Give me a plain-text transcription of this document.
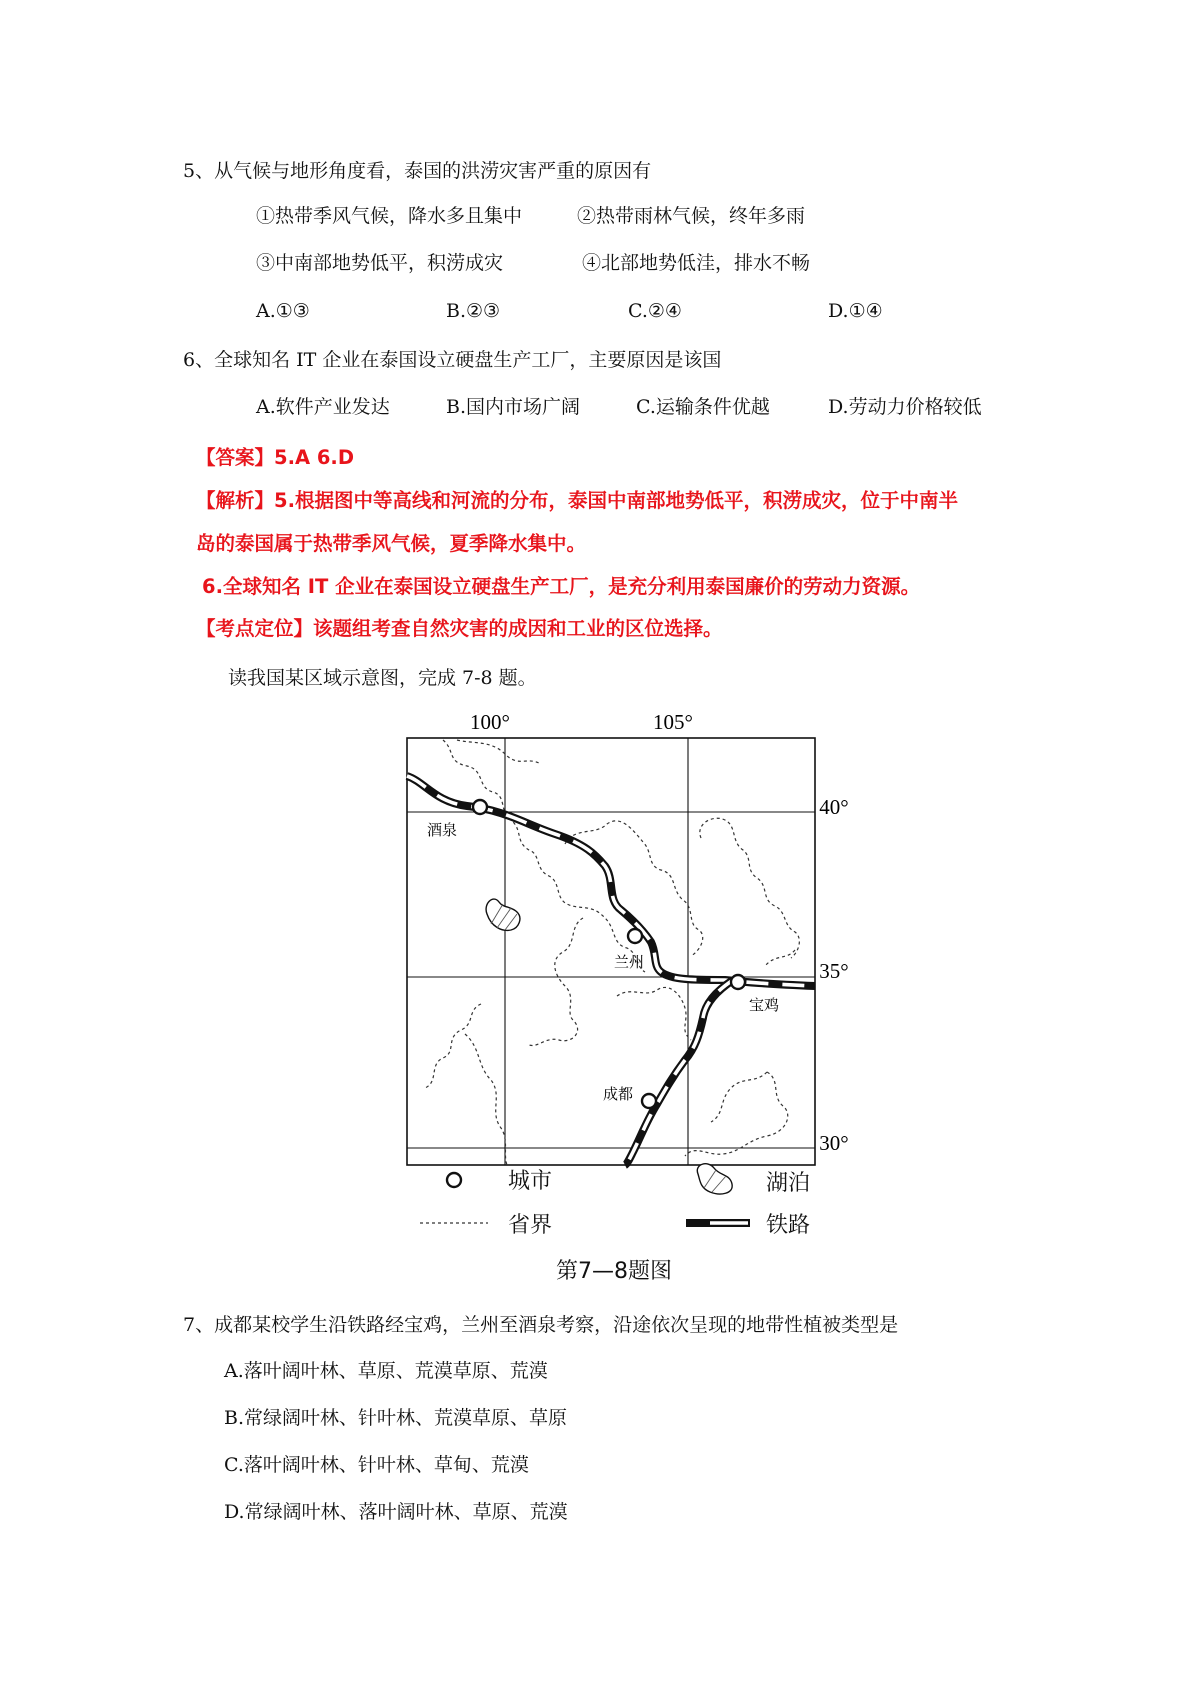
5、从气候与地形角度看，泰国的洪涝灾害严重的原因有
①热带季风气候，降水多且集中	②热带雨林气候，终年多雨
③中南部地势低平，积涝成灾	④北部地势低洼，排水不畅
A.①③	B.②③	C.②④	D.①④
6、全球知名 IT 企业在泰国设立硬盘生产工厂，主要原因是该国
A.软件产业发达	B.国内市场广阔	C.运输条件优越	D.劳动力价格较低
【答案】5.A 6.D
【解析】5.根据图中等高线和河流的分布，泰国中南部地势低平，积涝成灾，位于中南半
岛的泰国属于热带季风气候，夏季降水集中。
6.全球知名 IT 企业在泰国设立硬盘生产工厂，是充分利用泰国廉价的劳动力资源。
【考点定位】该题组考查自然灾害的成因和工业的区位选择。
读我国某区域示意图，完成 7-8 题。
100°	105°
40°
35°
30°
酒泉
兰州
宝鸡
成都
城市	湖泊
省界	铁路
第7—8题图
7、成都某校学生沿铁路经宝鸡，兰州至酒泉考察，沿途依次呈现的地带性植被类型是
A.落叶阔叶林、草原、荒漠草原、荒漠
B.常绿阔叶林、针叶林、荒漠草原、草原
C.落叶阔叶林、针叶林、草甸、荒漠
D.常绿阔叶林、落叶阔叶林、草原、荒漠
